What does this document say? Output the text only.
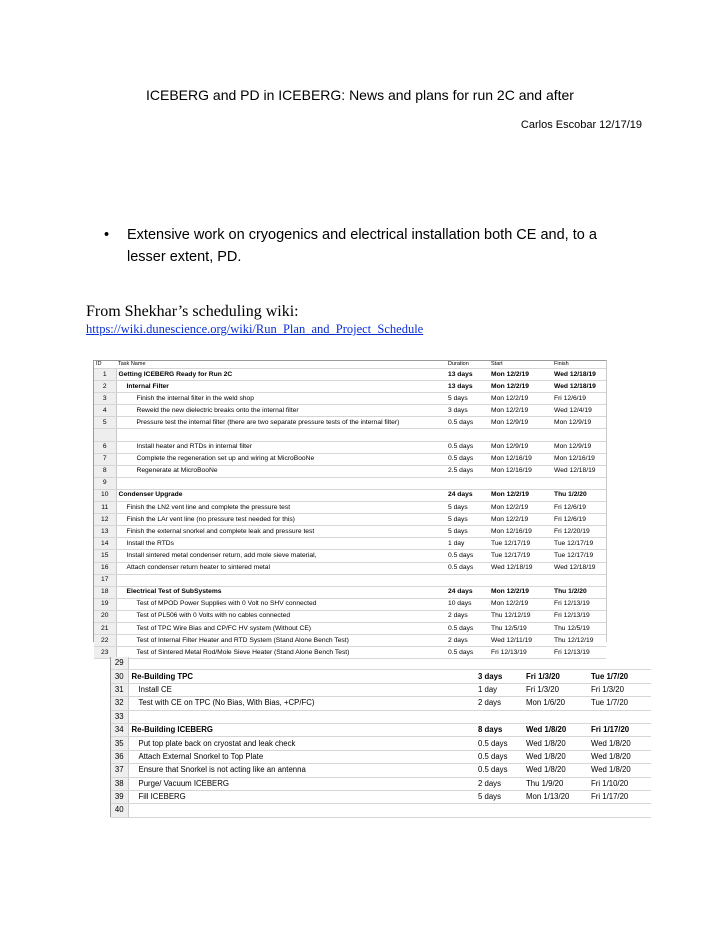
ICEBERG and PD in ICEBERG: News and plans for run 2C and after
Carlos Escobar 12/17/19
• Extensive work on cryogenics and electrical installation both CE and, to a lesser extent, PD.
From Shekhar’s scheduling wiki:
https://wiki.dunescience.org/wiki/Run_Plan_and_Project_Schedule
ID	Task Name	Duration	Start	Finish
1	Getting ICEBERG Ready for Run 2C	13 days	Mon 12/2/19	Wed 12/18/19
2	Internal Filter	13 days	Mon 12/2/19	Wed 12/18/19
3	Finish the internal filter in the weld shop	5 days	Mon 12/2/19	Fri 12/6/19
4	Reweld the new dielectric breaks onto the internal filter	3 days	Mon 12/2/19	Wed 12/4/19
5	Pressure test the internal filter (there are two separate pressure tests of the internal filter)	0.5 days	Mon 12/9/19	Mon 12/9/19

6	Install heater and RTDs in internal filter	0.5 days	Mon 12/9/19	Mon 12/9/19
7	Complete the regeneration set up and wiring at MicroBooNe	0.5 days	Mon 12/16/19	Mon 12/16/19
8	Regenerate at MicroBooNe	2.5 days	Mon 12/16/19	Wed 12/18/19
9				
10	Condenser Upgrade	24 days	Mon 12/2/19	Thu 1/2/20
11	Finish the LN2 vent line and complete the pressure test	5 days	Mon 12/2/19	Fri 12/6/19
12	Finish the LAr vent line (no pressure test needed for this)	5 days	Mon 12/2/19	Fri 12/6/19
13	Finish the external snorkel and complete leak and pressure test	5 days	Mon 12/16/19	Fri 12/20/19
14	Install the RTDs	1 day	Tue 12/17/19	Tue 12/17/19
15	Install sintered metal condenser return, add mole sieve material,	0.5 days	Tue 12/17/19	Tue 12/17/19
16	Attach condenser return heater to sintered metal	0.5 days	Wed 12/18/19	Wed 12/18/19
17				
18	Electrical Test of SubSystems	24 days	Mon 12/2/19	Thu 1/2/20
19	Test of MPOD Power Supplies with 0 Volt no SHV connected	10 days	Mon 12/2/19	Fri 12/13/19
20	Test of PL506 with 0 Volts with no cables connected	2 days	Thu 12/12/19	Fri 12/13/19
21	Test of TPC Wire Bias and CP/FC HV system (Without CE)	0.5 days	Thu 12/5/19	Thu 12/5/19
22	Test of Internal Filter Heater and RTD System (Stand Alone Bench Test)	2 days	Wed 12/11/19	Thu 12/12/19
23	Test of Sintered Metal Rod/Mole Sieve Heater (Stand Alone Bench Test)	0.5 days	Fri 12/13/19	Fri 12/13/19
29				
30	Re-Building TPC	3 days	Fri 1/3/20	Tue 1/7/20
31	Install CE	1 day	Fri 1/3/20	Fri 1/3/20
32	Test with CE on TPC (No Bias, With Bias, +CP/FC)	2 days	Mon 1/6/20	Tue 1/7/20
33				
34	Re-Building ICEBERG	8 days	Wed 1/8/20	Fri 1/17/20
35	Put top plate back on cryostat and leak check	0.5 days	Wed 1/8/20	Wed 1/8/20
36	Attach External Snorkel to Top Plate	0.5 days	Wed 1/8/20	Wed 1/8/20
37	Ensure that Snorkel is not acting like an antenna	0.5 days	Wed 1/8/20	Wed 1/8/20
38	Purge/ Vacuum ICEBERG	2 days	Thu 1/9/20	Fri 1/10/20
39	Fill ICEBERG	5 days	Mon 1/13/20	Fri 1/17/20
40				
